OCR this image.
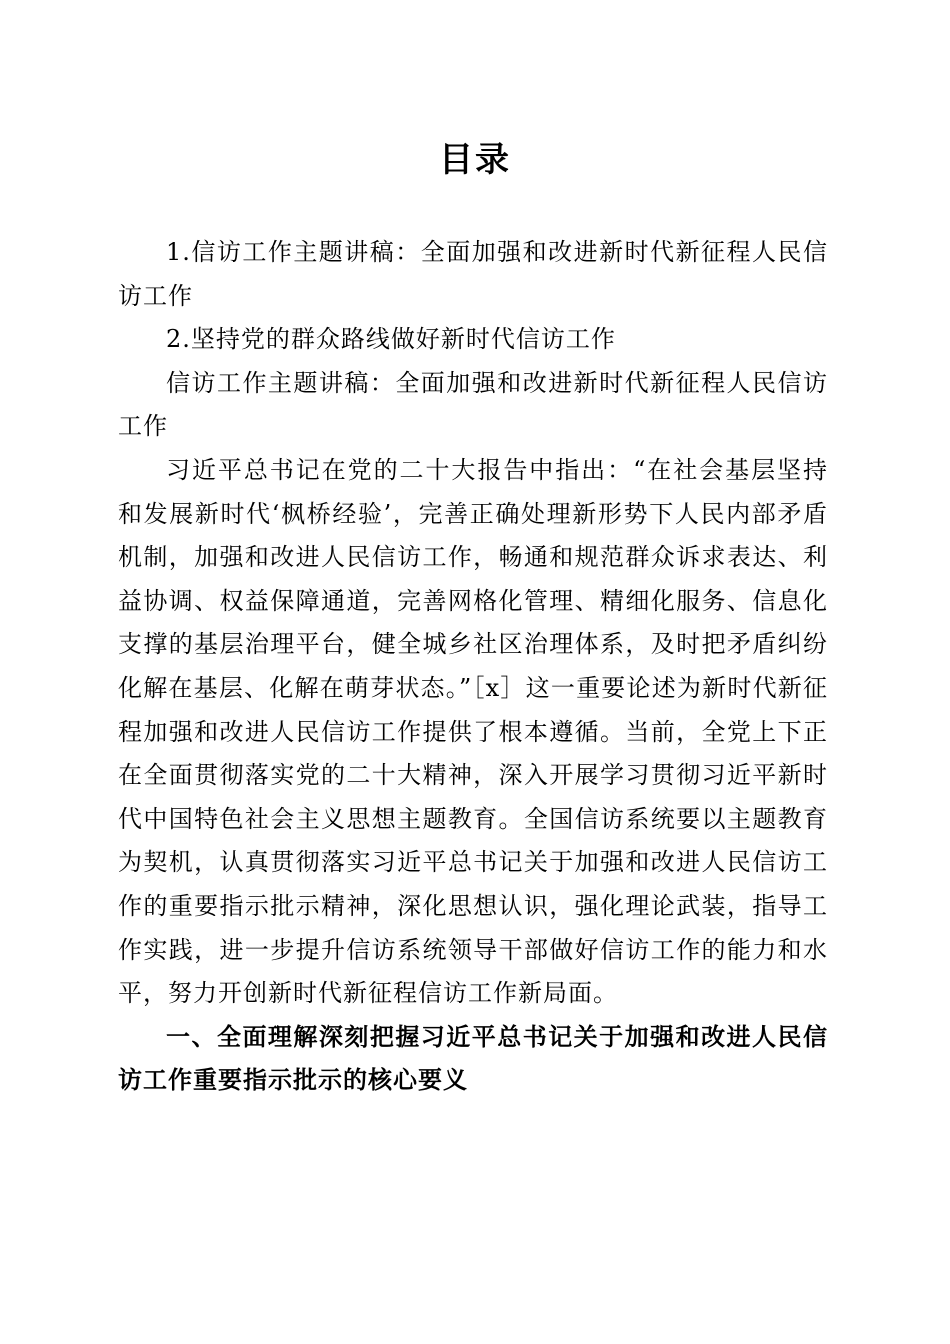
目录

1.信访工作主题讲稿：全面加强和改进新时代新征程人民信访工作

2.坚持党的群众路线做好新时代信访工作

信访工作主题讲稿：全面加强和改进新时代新征程人民信访工作

习近平总书记在党的二十大报告中指出：“在社会基层坚持和发展新时代‘枫桥经验’，完善正确处理新形势下人民内部矛盾机制，加强和改进人民信访工作，畅通和规范群众诉求表达、利益协调、权益保障通道，完善网格化管理、精细化服务、信息化支撑的基层治理平台，健全城乡社区治理体系，及时把矛盾纠纷化解在基层、化解在萌芽状态。”［x］这一重要论述为新时代新征程加强和改进人民信访工作提供了根本遵循。当前，全党上下正在全面贯彻落实党的二十大精神，深入开展学习贯彻习近平新时代中国特色社会主义思想主题教育。全国信访系统要以主题教育为契机，认真贯彻落实习近平总书记关于加强和改进人民信访工作的重要指示批示精神，深化思想认识，强化理论武装，指导工作实践，进一步提升信访系统领导干部做好信访工作的能力和水平，努力开创新时代新征程信访工作新局面。

一、全面理解深刻把握习近平总书记关于加强和改进人民信访工作重要指示批示的核心要义
